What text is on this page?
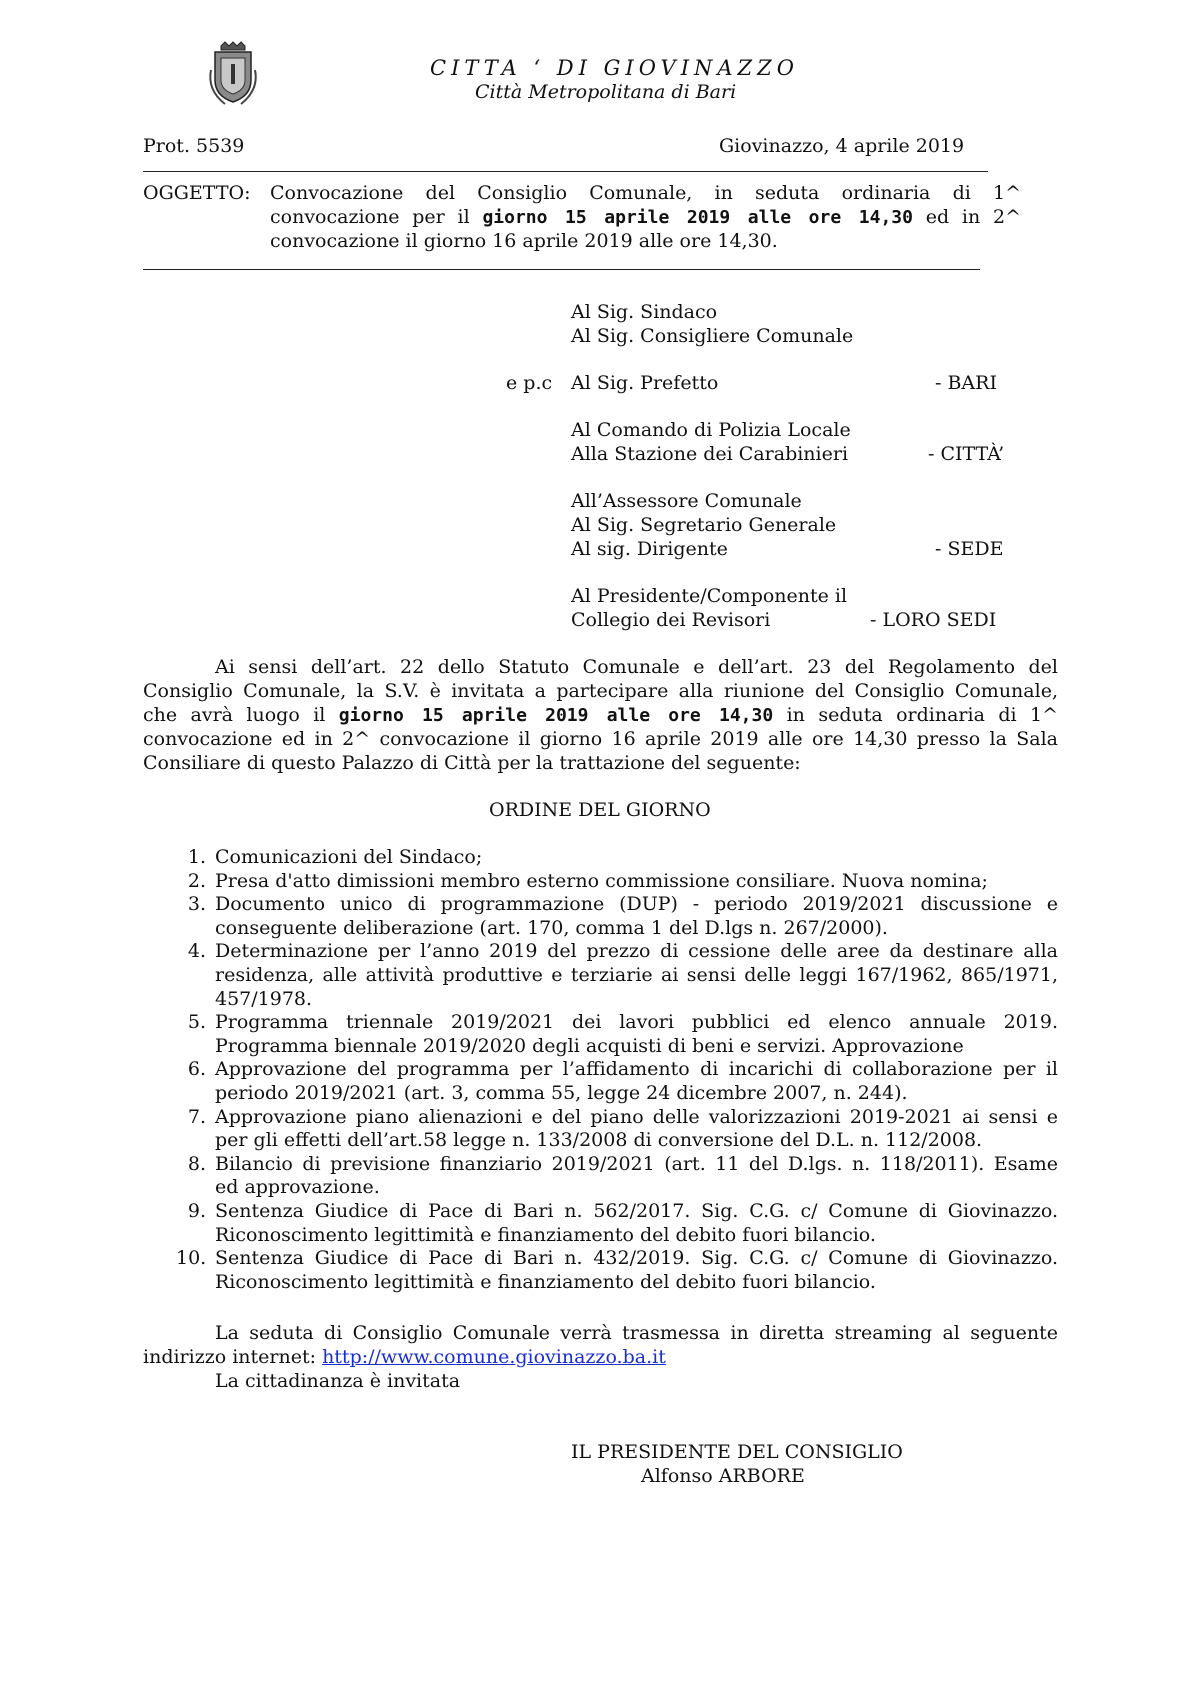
CITTA ‘ DI GIOVINAZZO
Città Metropolitana di Bari
Prot. 5539	Giovinazzo, 4 aprile 2019
OGGETTO: Convocazione del Consiglio Comunale, in seduta ordinaria di 1^
convocazione per il giorno 15 aprile 2019 alle ore 14,30 ed in 2^
convocazione il giorno 16 aprile 2019 alle ore 14,30.
Al Sig. Sindaco
Al Sig. Consigliere Comunale
e p.c Al Sig. Prefetto	- BARI
Al Comando di Polizia Locale
Alla Stazione dei Carabinieri	- CITTÀ’
All’Assessore Comunale
Al Sig. Segretario Generale
Al sig. Dirigente	- SEDE
Al Presidente/Componente il
Collegio dei Revisori	- LORO SEDI
Ai sensi dell’art. 22 dello Statuto Comunale e dell’art. 23 del Regolamento del
Consiglio Comunale, la S.V. è invitata a partecipare alla riunione del Consiglio Comunale,
che avrà luogo il giorno 15 aprile 2019 alle ore 14,30 in seduta ordinaria di 1^
convocazione ed in 2^ convocazione il giorno 16 aprile 2019 alle ore 14,30 presso la Sala
Consiliare di questo Palazzo di Città per la trattazione del seguente:
ORDINE DEL GIORNO
1. Comunicazioni del Sindaco;
2. Presa d'atto dimissioni membro esterno commissione consiliare. Nuova nomina;
3. Documento unico di programmazione (DUP) - periodo 2019/2021 discussione e
conseguente deliberazione (art. 170, comma 1 del D.lgs n. 267/2000).
4. Determinazione per l’anno 2019 del prezzo di cessione delle aree da destinare alla
residenza, alle attività produttive e terziarie ai sensi delle leggi 167/1962, 865/1971,
457/1978.
5. Programma triennale 2019/2021 dei lavori pubblici ed elenco annuale 2019.
Programma biennale 2019/2020 degli acquisti di beni e servizi. Approvazione
6. Approvazione del programma per l’affidamento di incarichi di collaborazione per il
periodo 2019/2021 (art. 3, comma 55, legge 24 dicembre 2007, n. 244).
7. Approvazione piano alienazioni e del piano delle valorizzazioni 2019-2021 ai sensi e
per gli effetti dell’art.58 legge n. 133/2008 di conversione del D.L. n. 112/2008.
8. Bilancio di previsione finanziario 2019/2021 (art. 11 del D.lgs. n. 118/2011). Esame
ed approvazione.
9. Sentenza Giudice di Pace di Bari n. 562/2017. Sig. C.G. c/ Comune di Giovinazzo.
Riconoscimento legittimità e finanziamento del debito fuori bilancio.
10. Sentenza Giudice di Pace di Bari n. 432/2019. Sig. C.G. c/ Comune di Giovinazzo.
Riconoscimento legittimità e finanziamento del debito fuori bilancio.
La seduta di Consiglio Comunale verrà trasmessa in diretta streaming al seguente
indirizzo internet: http://www.comune.giovinazzo.ba.it
La cittadinanza è invitata
IL PRESIDENTE DEL CONSIGLIO
Alfonso ARBORE
